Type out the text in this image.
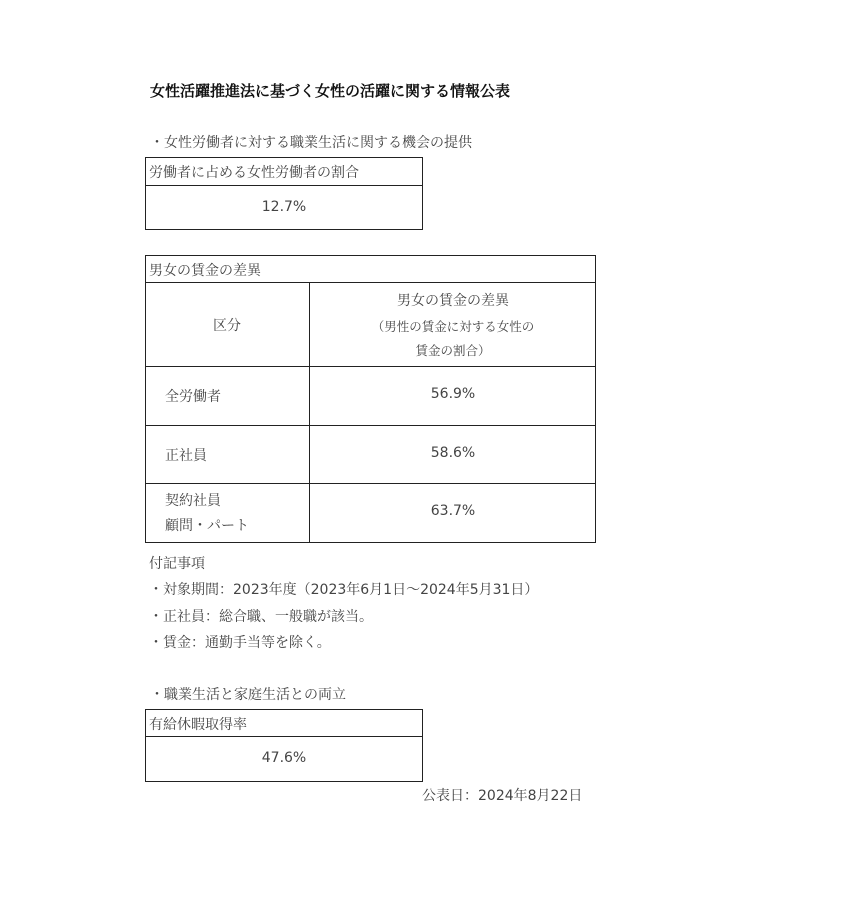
女性活躍推進法に基づく女性の活躍に関する情報公表
・女性労働者に対する職業生活に関する機会の提供
労働者に占める女性労働者の割合
12.7%
男女の賃金の差異
区分
男女の賃金の差異
（男性の賃金に対する女性の
賃金の割合）
全労働者	56.9%
正社員	58.6%
契約社員
顧問・パート
63.7%
付記事項
・対象期間：2023年度（2023年6月1日～2024年5月31日）
・正社員：総合職、一般職が該当。
・賃金：通勤手当等を除く。
・職業生活と家庭生活との両立
有給休暇取得率
47.6%
公表日：2024年8月22日
